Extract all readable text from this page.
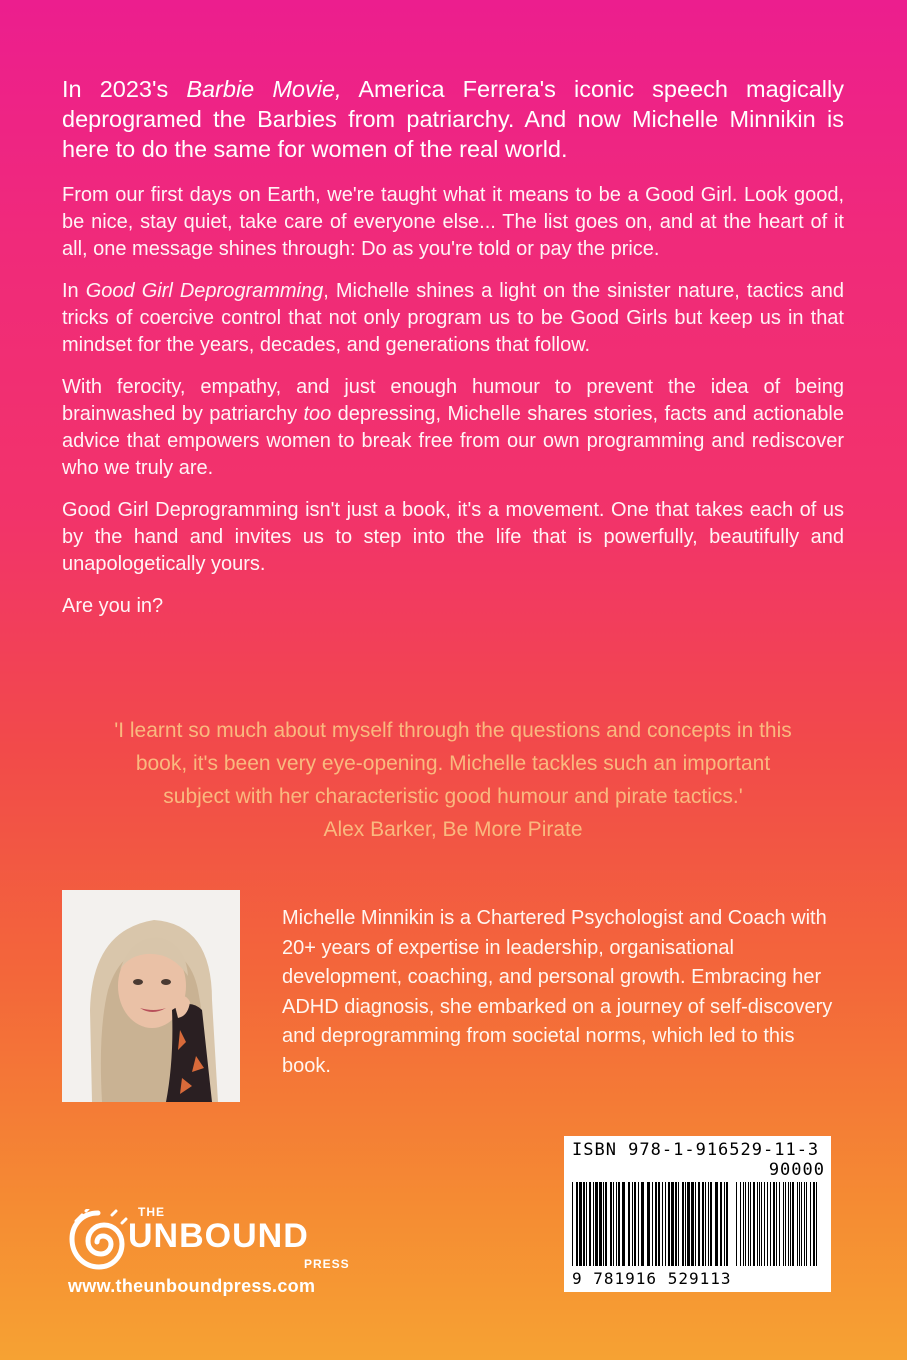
In 2023's Barbie Movie, America Ferrera's iconic speech magically deprogramed the Barbies from patriarchy. And now Michelle Minnikin is here to do the same for women of the real world.

From our first days on Earth, we're taught what it means to be a Good Girl. Look good, be nice, stay quiet, take care of everyone else... The list goes on, and at the heart of it all, one message shines through: Do as you're told or pay the price.

In Good Girl Deprogramming, Michelle shines a light on the sinister nature, tactics and tricks of coercive control that not only program us to be Good Girls but keep us in that mindset for the years, decades, and generations that follow.

With ferocity, empathy, and just enough humour to prevent the idea of being brainwashed by patriarchy too depressing, Michelle shares stories, facts and actionable advice that empowers women to break free from our own programming and rediscover who we truly are.

Good Girl Deprogramming isn't just a book, it's a movement. One that takes each of us by the hand and invites us to step into the life that is powerfully, beautifully and unapologetically yours.

Are you in?

'I learnt so much about myself through the questions and concepts in this

book, it's been very eye-opening. Michelle tackles such an important

subject with her characteristic good humour and pirate tactics.'

Alex Barker, Be More Pirate

Michelle Minnikin is a Chartered Psychologist and Coach with 20+ years of expertise in leadership, organisational development, coaching, and personal growth. Embracing her ADHD diagnosis, she embarked on a journey of self-discovery and deprogramming from societal norms, which led to this book.

ISBN 978-1-916529-11-3
90000
9 781916 529113
THE
UNBOUND
PRESS
www.theunboundpress.com
